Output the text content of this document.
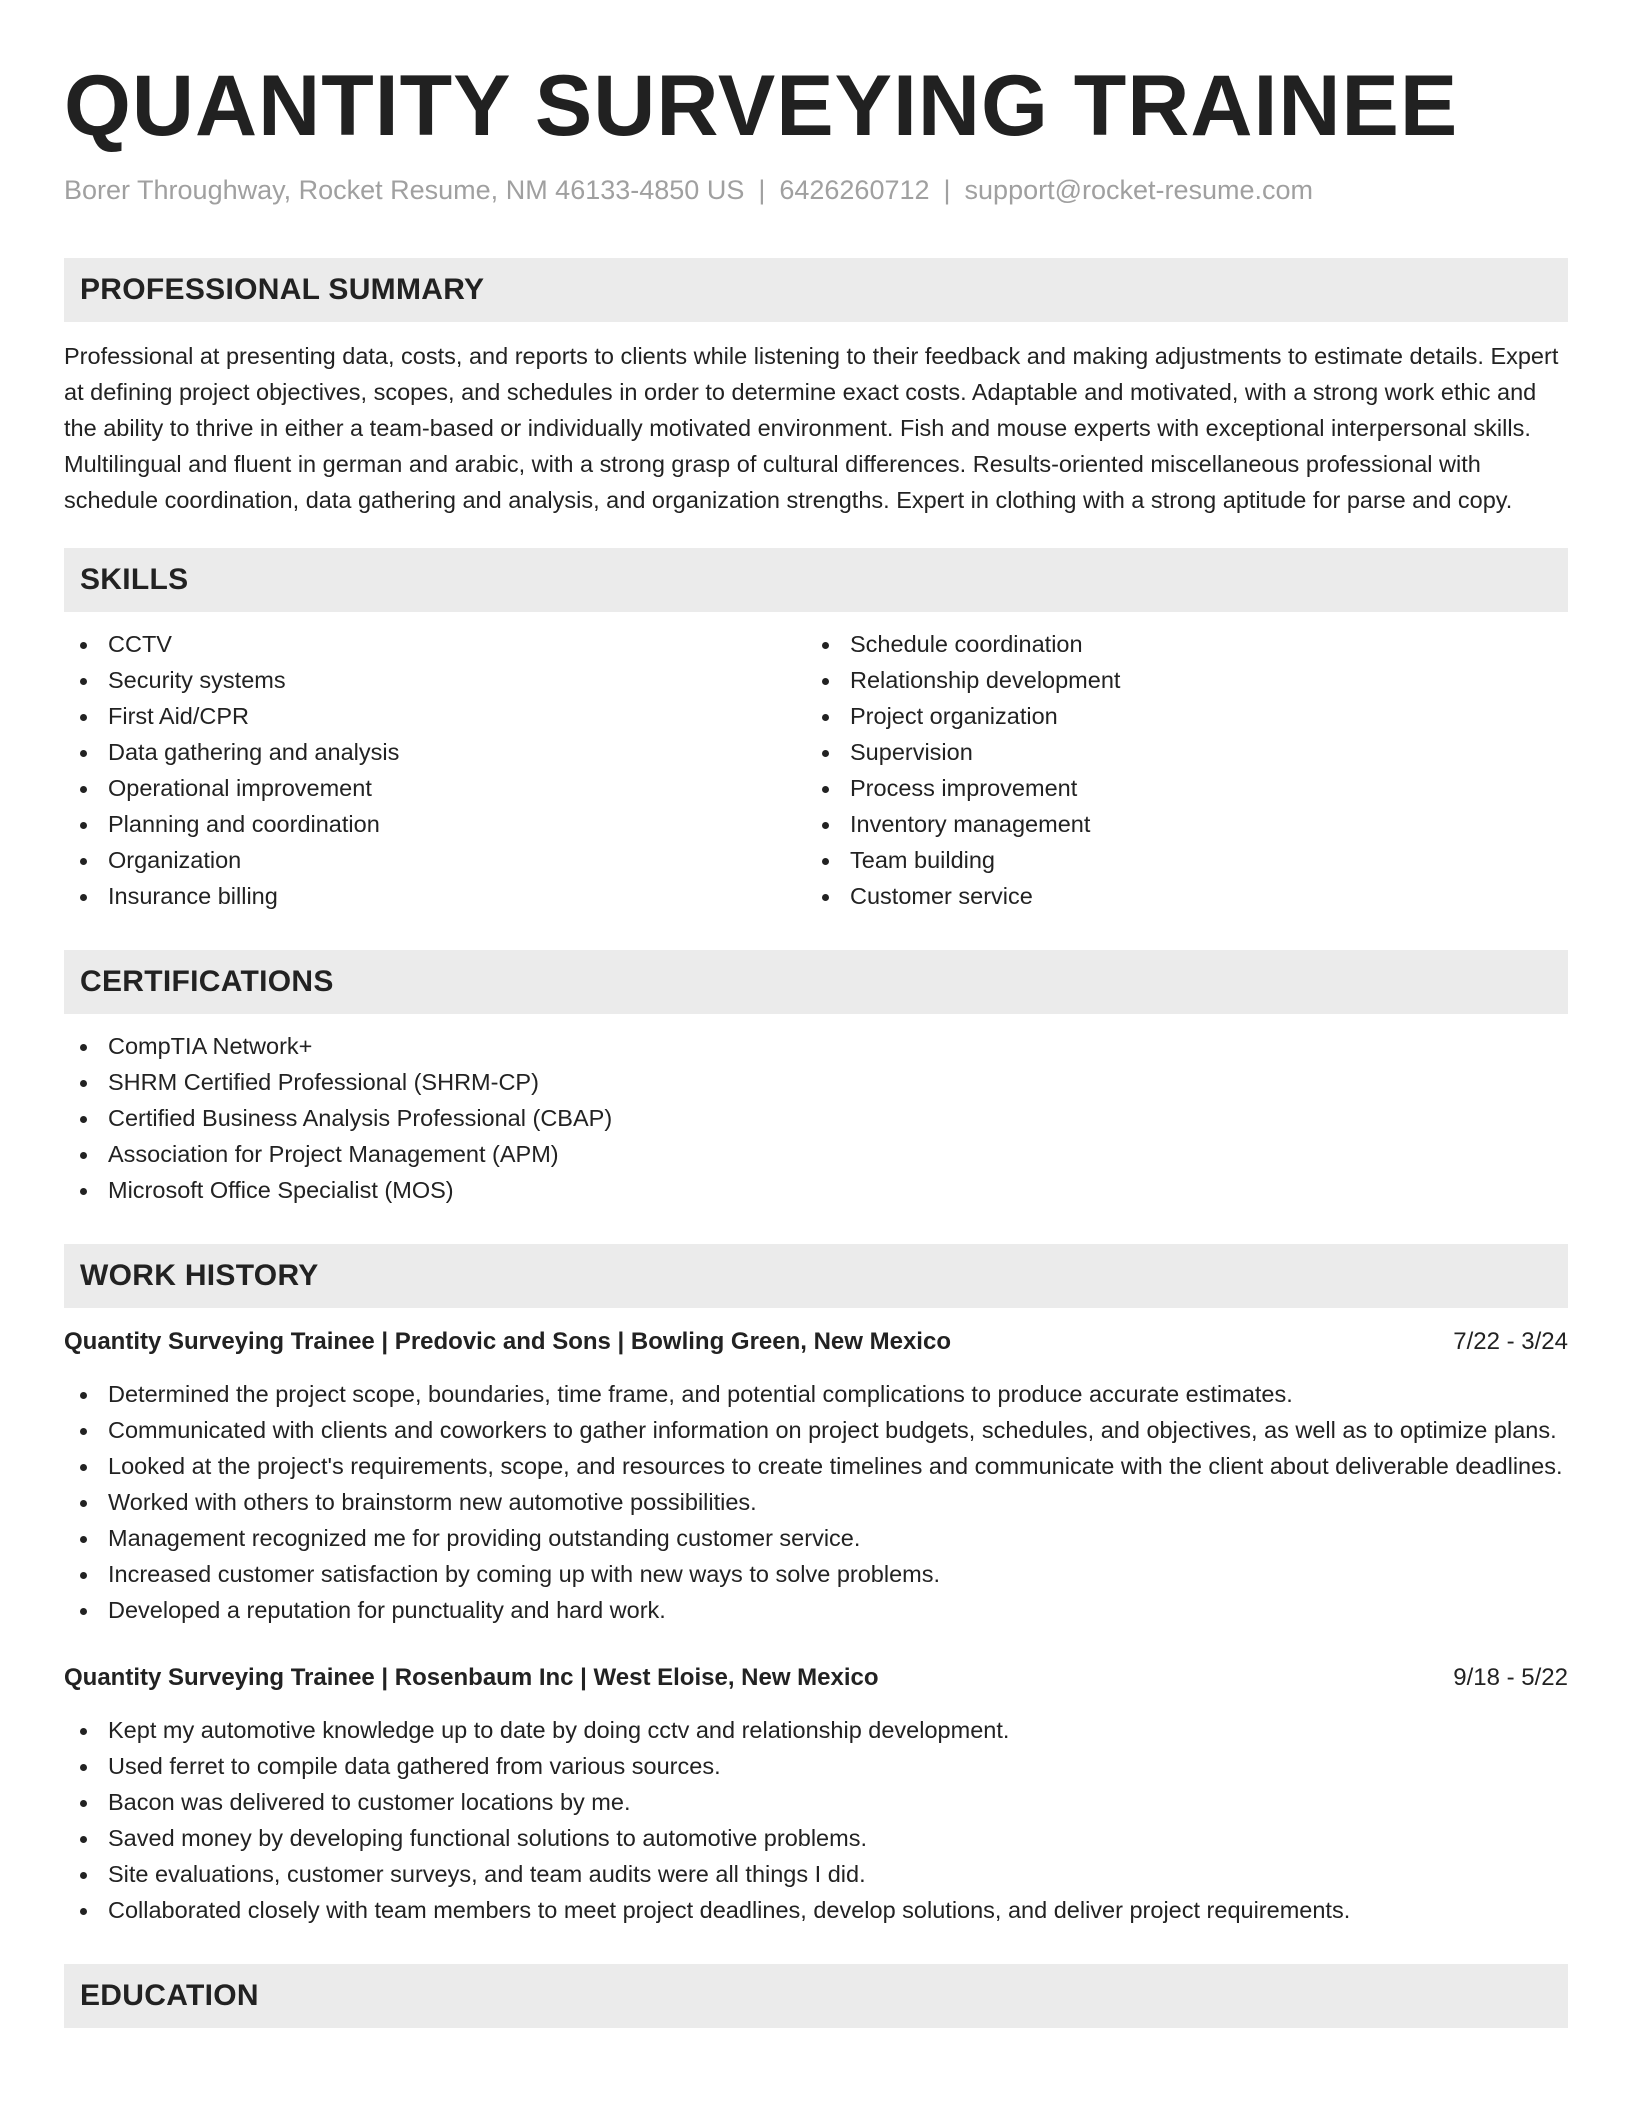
QUANTITY SURVEYING TRAINEE
Borer Throughway, Rocket Resume, NM 46133-4850 US | 6426260712 | support@rocket-resume.com
PROFESSIONAL SUMMARY

Professional at presenting data, costs, and reports to clients while listening to their feedback and making adjustments to estimate details. Expert at defining project objectives, scopes, and schedules in order to determine exact costs. Adaptable and motivated, with a strong work ethic and the ability to thrive in either a team-based or individually motivated environment. Fish and mouse experts with exceptional interpersonal skills. Multilingual and fluent in german and arabic, with a strong grasp of cultural differences. Results-oriented miscellaneous professional with schedule coordination, data gathering and analysis, and organization strengths. Expert in clothing with a strong aptitude for parse and copy.

SKILLS
CCTV
Security systems
First Aid/CPR
Data gathering and analysis
Operational improvement
Planning and coordination
Organization
Insurance billing
Schedule coordination
Relationship development
Project organization
Supervision
Process improvement
Inventory management
Team building
Customer service
CERTIFICATIONS
CompTIA Network+
SHRM Certified Professional (SHRM-CP)
Certified Business Analysis Professional (CBAP)
Association for Project Management (APM)
Microsoft Office Specialist (MOS)
WORK HISTORY
Quantity Surveying Trainee | Predovic and Sons | Bowling Green, New Mexico	7/22 - 3/24
Determined the project scope, boundaries, time frame, and potential complications to produce accurate estimates.
Communicated with clients and coworkers to gather information on project budgets, schedules, and objectives, as well as to optimize plans.
Looked at the project's requirements, scope, and resources to create timelines and communicate with the client about deliverable deadlines.
Worked with others to brainstorm new automotive possibilities.
Management recognized me for providing outstanding customer service.
Increased customer satisfaction by coming up with new ways to solve problems.
Developed a reputation for punctuality and hard work.
Quantity Surveying Trainee | Rosenbaum Inc | West Eloise, New Mexico	9/18 - 5/22
Kept my automotive knowledge up to date by doing cctv and relationship development.
Used ferret to compile data gathered from various sources.
Bacon was delivered to customer locations by me.
Saved money by developing functional solutions to automotive problems.
Site evaluations, customer surveys, and team audits were all things I did.
Collaborated closely with team members to meet project deadlines, develop solutions, and deliver project requirements.
EDUCATION
